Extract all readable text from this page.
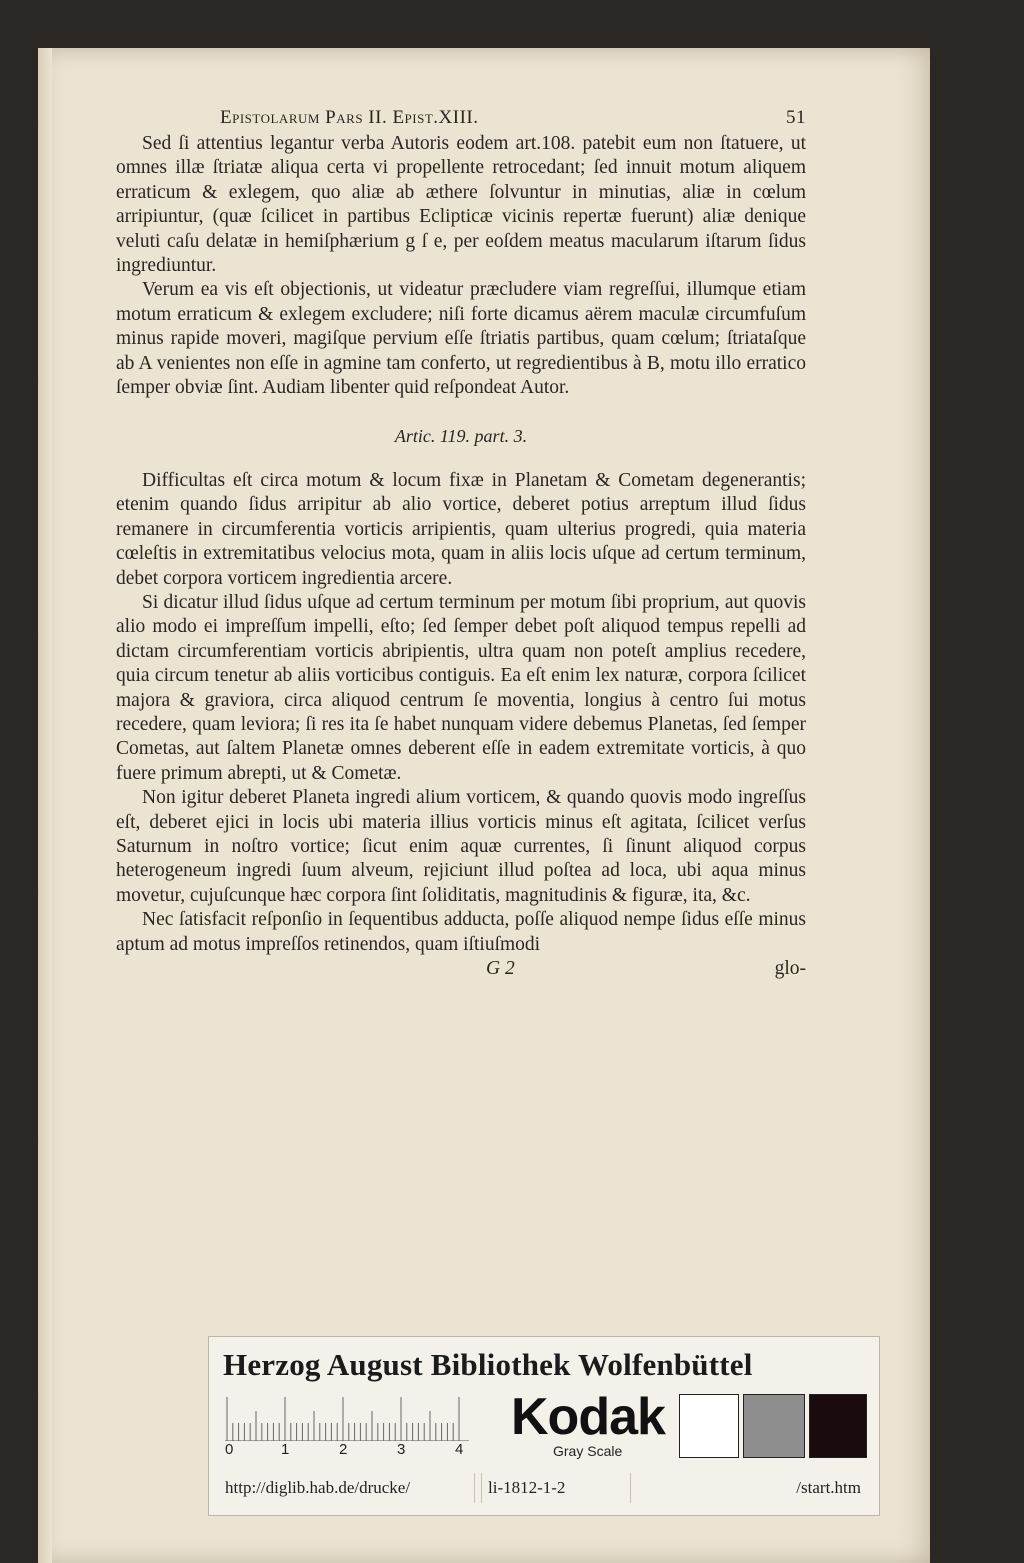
Epistolarum Pars II. Epist.XIII.	51

Sed ſi attentius legantur verba Autoris eodem art.108. patebit eum non ſtatuere, ut omnes illæ ſtriatæ aliqua certa vi propellente retrocedant; ſed innuit motum aliquem erraticum & exlegem, quo aliæ ab æthere ſolvuntur in minutias, aliæ in cœlum arripiuntur, (quæ ſcilicet in partibus Eclipticæ vicinis repertæ fuerunt) aliæ denique veluti caſu delatæ in hemiſphærium g ſ e, per eoſdem meatus macularum iſtarum ſidus ingrediuntur.

Verum ea vis eſt objectionis, ut videatur præcludere viam regreſſui, illumque etiam motum erraticum & exlegem excludere; niſi forte dicamus aërem maculæ circumfuſum minus rapide moveri, magiſque pervium eſſe ſtriatis partibus, quam cœlum; ſtriataſque ab A venientes non eſſe in agmine tam conferto, ut regredientibus à B, motu illo erratico ſemper obviæ ſint. Audiam libenter quid reſpondeat Autor.

Artic. 119. part. 3.

Difficultas eſt circa motum & locum fixæ in Planetam & Cometam degenerantis; etenim quando ſidus arripitur ab alio vortice, deberet potius arreptum illud ſidus remanere in circumferentia vorticis arripientis, quam ulterius progredi, quia materia cœleſtis in extremitatibus velocius mota, quam in aliis locis uſque ad certum terminum, debet corpora vorticem ingredientia arcere.

Si dicatur illud ſidus uſque ad certum terminum per motum ſibi proprium, aut quovis alio modo ei impreſſum impelli, eſto; ſed ſemper debet poſt aliquod tempus repelli ad dictam circumferentiam vorticis abripientis, ultra quam non poteſt amplius recedere, quia circum tenetur ab aliis vorticibus contiguis. Ea eſt enim lex naturæ, corpora ſcilicet majora & graviora, circa aliquod centrum ſe moventia, longius à centro ſui motus recedere, quam leviora; ſi res ita ſe habet nunquam videre debemus Planetas, ſed ſemper Cometas, aut ſaltem Planetæ omnes deberent eſſe in eadem extremitate vorticis, à quo fuere primum abrepti, ut & Cometæ.

Non igitur deberet Planeta ingredi alium vorticem, & quando quovis modo ingreſſus eſt, deberet ejici in locis ubi materia illius vorticis minus eſt agitata, ſcilicet verſus Saturnum in noſtro vortice; ſicut enim aquæ currentes, ſi ſinunt aliquod corpus heterogeneum ingredi ſuum alveum, rejiciunt illud poſtea ad loca, ubi aqua minus movetur, cujuſcunque hæc corpora ſint ſoliditatis, magnitudinis & figuræ, ita, &c.

Nec ſatisfacit reſponſio in ſequentibus adducta, poſſe aliquod nempe ſidus eſſe minus aptum ad motus impreſſos retinendos, quam iſtiuſmodi

G 2	glo-
Herzog August Bibliothek Wolfenbüttel
0	1	2	3	4
Kodak
Gray Scale
http://diglib.hab.de/drucke/	li-1812-1-2	/start.htm
